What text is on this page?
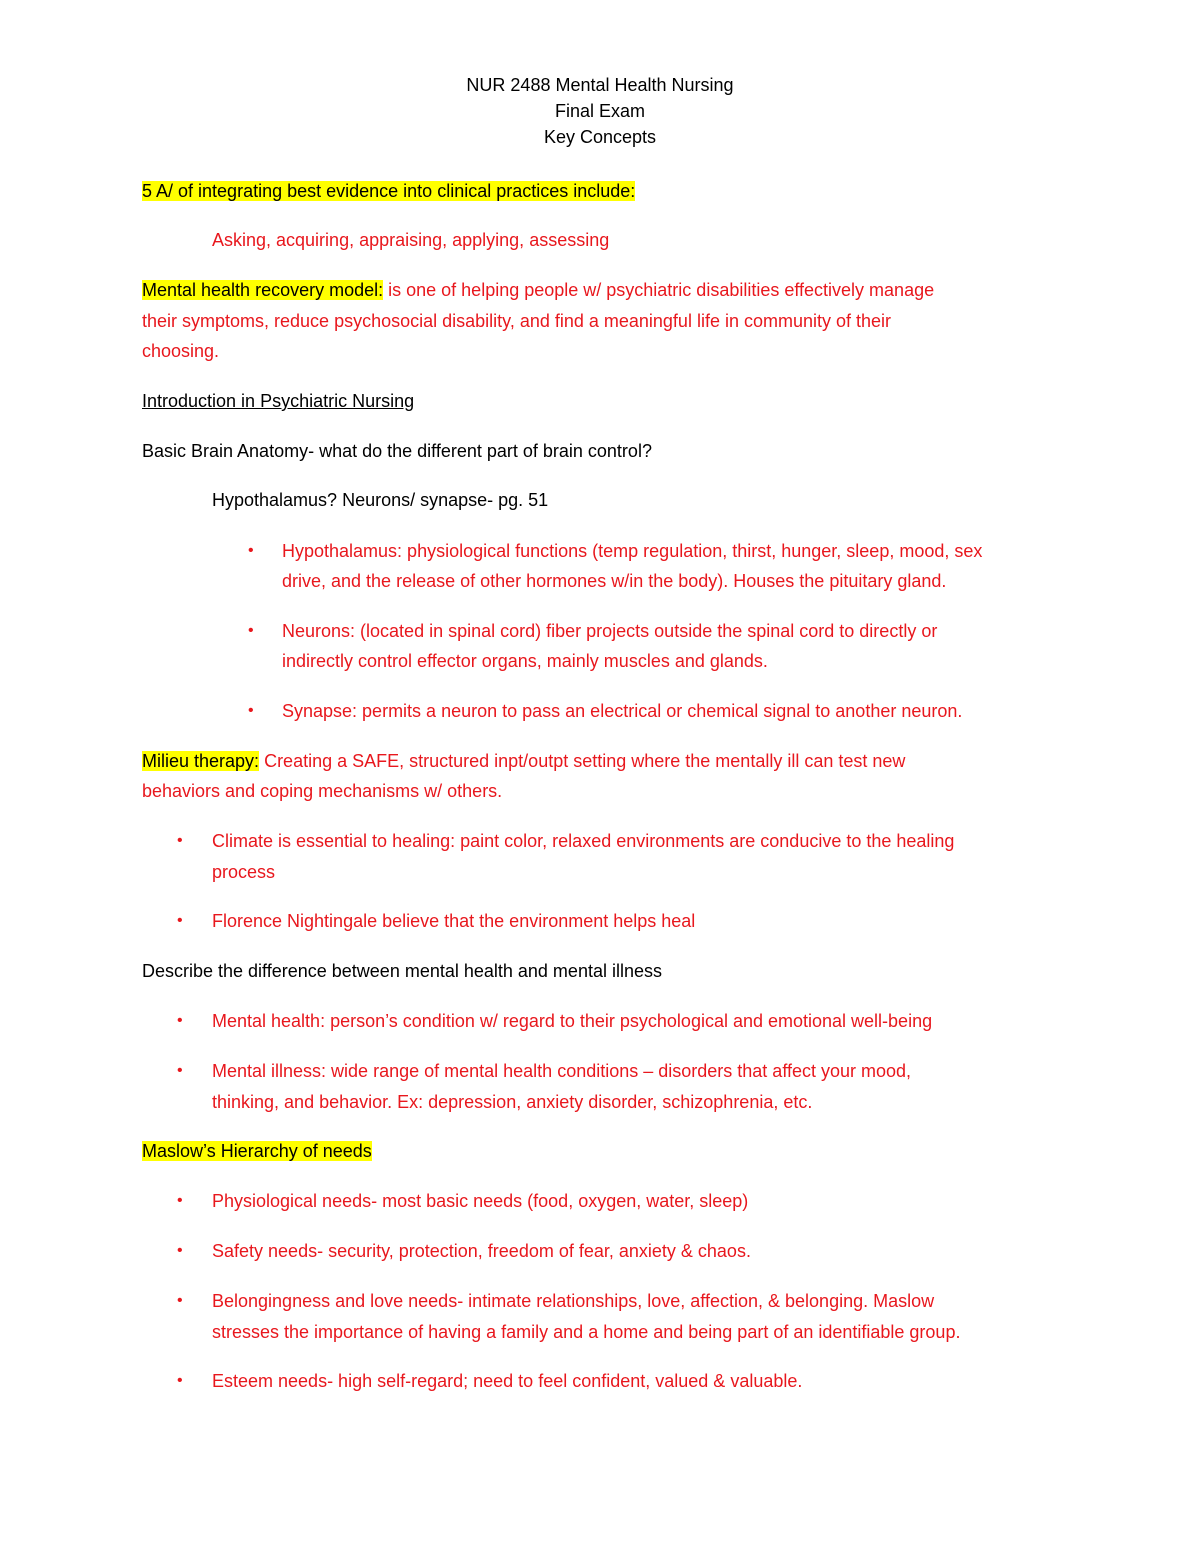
NUR 2488 Mental Health Nursing
Final Exam
Key Concepts
5 A/ of integrating best evidence into clinical practices include:
Asking, acquiring, appraising, applying, assessing
Mental health recovery model: is one of helping people w/ psychiatric disabilities effectively manage
their symptoms, reduce psychosocial disability, and find a meaningful life in community of their
choosing.
Introduction in Psychiatric Nursing
Basic Brain Anatomy- what do the different part of brain control?
Hypothalamus? Neurons/ synapse- pg. 51
• Hypothalamus: physiological functions (temp regulation, thirst, hunger, sleep, mood, sex
drive, and the release of other hormones w/in the body). Houses the pituitary gland.
• Neurons: (located in spinal cord) fiber projects outside the spinal cord to directly or
indirectly control effector organs, mainly muscles and glands.
• Synapse: permits a neuron to pass an electrical or chemical signal to another neuron.
Milieu therapy: Creating a SAFE, structured inpt/outpt setting where the mentally ill can test new
behaviors and coping mechanisms w/ others.
• Climate is essential to healing: paint color, relaxed environments are conducive to the healing
process
• Florence Nightingale believe that the environment helps heal
Describe the difference between mental health and mental illness
• Mental health: person’s condition w/ regard to their psychological and emotional well-being
• Mental illness: wide range of mental health conditions – disorders that affect your mood,
thinking, and behavior. Ex: depression, anxiety disorder, schizophrenia, etc.
Maslow’s Hierarchy of needs
• Physiological needs- most basic needs (food, oxygen, water, sleep)
• Safety needs- security, protection, freedom of fear, anxiety & chaos.
• Belongingness and love needs- intimate relationships, love, affection, & belonging. Maslow
stresses the importance of having a family and a home and being part of an identifiable group.
• Esteem needs- high self-regard; need to feel confident, valued & valuable.
